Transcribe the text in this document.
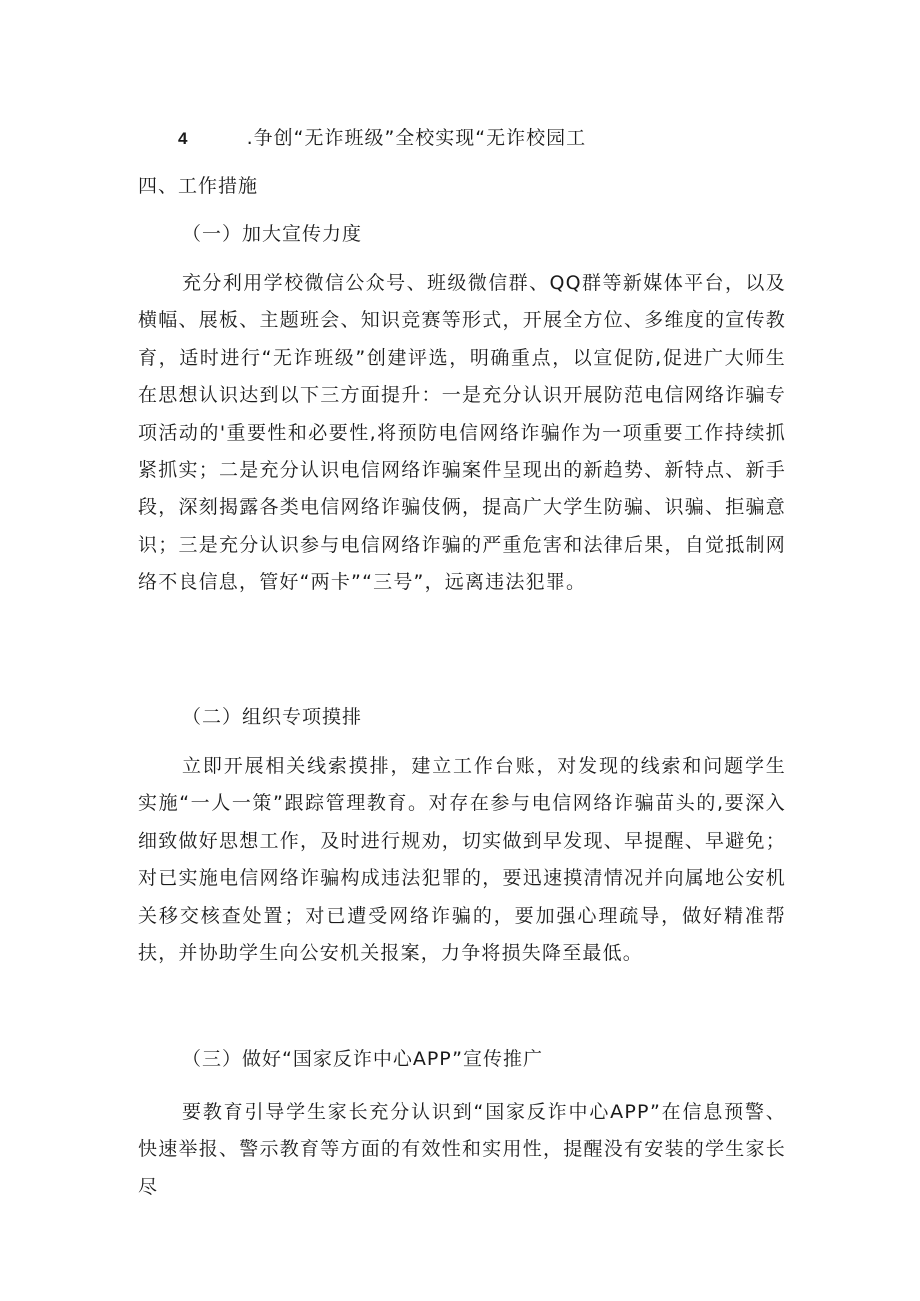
4	.争创“无诈班级”全校实现“无诈校园工
四、工作措施
（一）加大宣传力度

充分利用学校微信公众号、班级微信群、QQ群等新媒体平台，以及横幅、展板、主题班会、知识竞赛等形式，开展全方位、多维度的宣传教育，适时进行“无诈班级”创建评选，明确重点，以宣促防,促进广大师生在思想认识达到以下三方面提升：一是充分认识开展防范电信网络诈骗专项活动的'重要性和必要性,将预防电信网络诈骗作为一项重要工作持续抓紧抓实；二是充分认识电信网络诈骗案件呈现出的新趋势、新特点、新手段，深刻揭露各类电信网络诈骗伎俩，提高广大学生防骗、识骗、拒骗意识；三是充分认识参与电信网络诈骗的严重危害和法律后果，自觉抵制网络不良信息，管好“两卡”“三号”，远离违法犯罪。

（二）组织专项摸排

立即开展相关线索摸排，建立工作台账，对发现的线索和问题学生实施“一人一策”跟踪管理教育。对存在参与电信网络诈骗苗头的,要深入细致做好思想工作，及时进行规劝，切实做到早发现、早提醒、早避免；对已实施电信网络诈骗构成违法犯罪的，要迅速摸清情况并向属地公安机关移交核查处置；对已遭受网络诈骗的，要加强心理疏导，做好精准帮扶，并协助学生向公安机关报案，力争将损失降至最低。

（三）做好“国家反诈中心APP”宣传推广

要教育引导学生家长充分认识到“国家反诈中心APP”在信息预警、快速举报、警示教育等方面的有效性和实用性，提醒没有安装的学生家长尽
